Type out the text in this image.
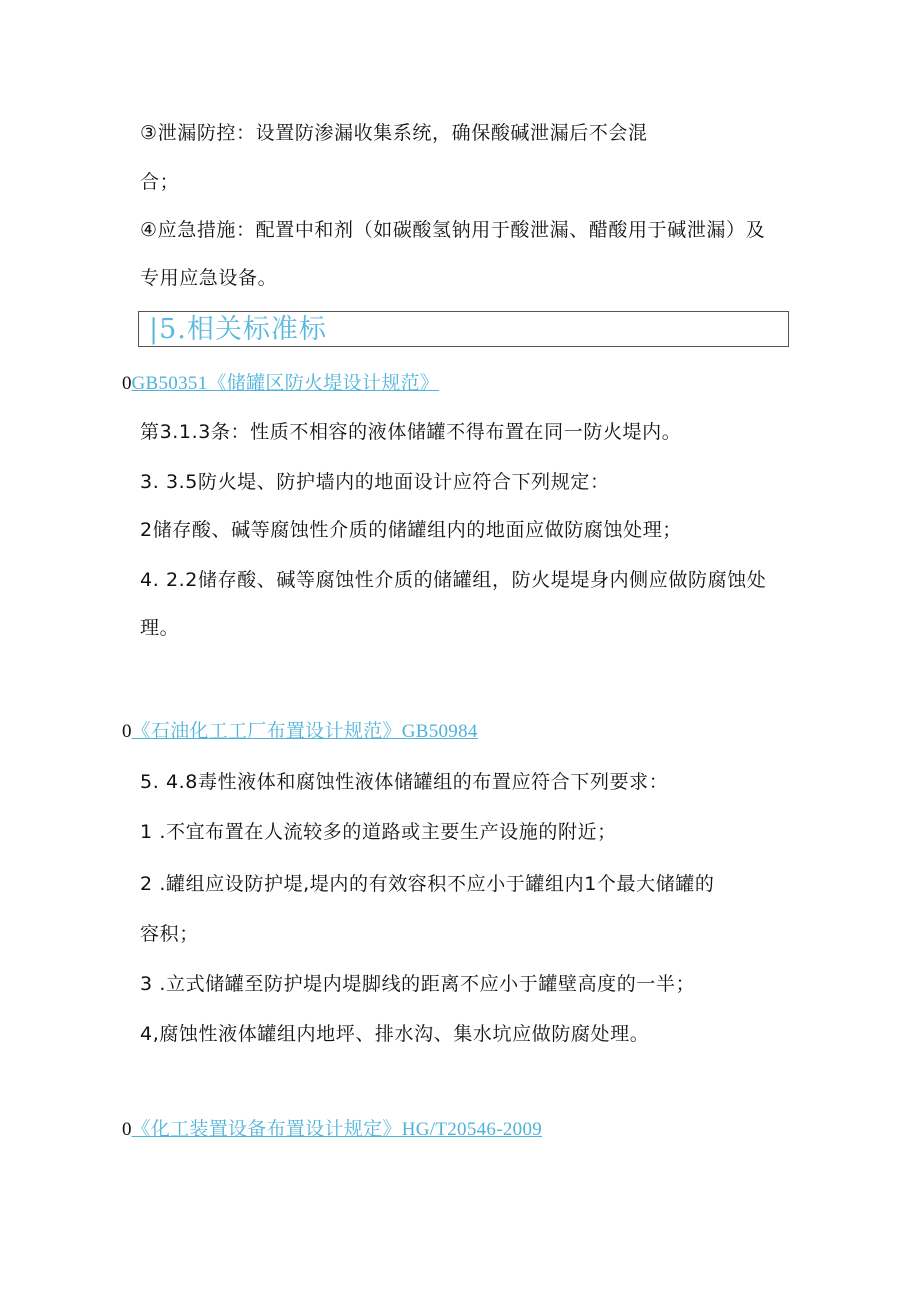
③泄漏防控：设置防渗漏收集系统，确保酸碱泄漏后不会混

合；

④应急措施：配置中和剂（如碳酸氢钠用于酸泄漏、醋酸用于碱泄漏）及

专用应急设备。

|5.相关标准标

0GB50351《储罐区防火堤设计规范》

第3.1.3条：性质不相容的液体储罐不得布置在同一防火堤内。

3. 3.5防火堤、防护墙内的地面设计应符合下列规定：

2储存酸、碱等腐蚀性介质的储罐组内的地面应做防腐蚀处理；

4. 2.2储存酸、碱等腐蚀性介质的储罐组，防火堤堤身内侧应做防腐蚀处

理。

0《石油化工工厂布置设计规范》GB50984

5. 4.8毒性液体和腐蚀性液体储罐组的布置应符合下列要求：

1 .不宜布置在人流较多的道路或主要生产设施的附近；

2 .罐组应设防护堤,堤内的有效容积不应小于罐组内1个最大储罐的

容积；

3 .立式储罐至防护堤内堤脚线的距离不应小于罐壁高度的一半；

4,腐蚀性液体罐组内地坪、排水沟、集水坑应做防腐处理。

0《化工装置设备布置设计规定》HG/T20546-2009
